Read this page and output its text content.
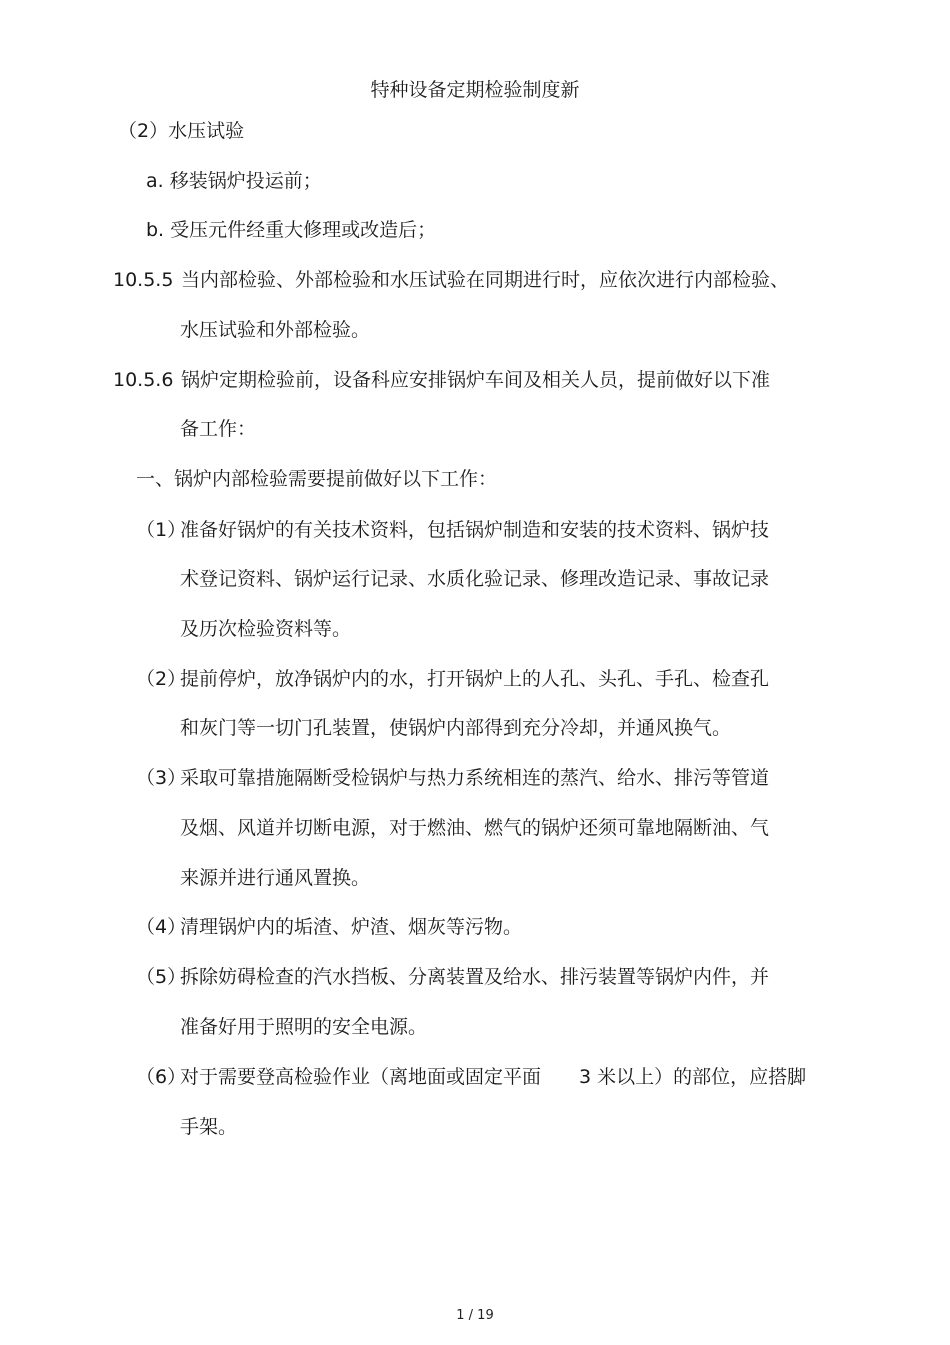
特种设备定期检验制度新
（2）水压试验
a. 移装锅炉投运前；
b. 受压元件经重大修理或改造后；
10.5.5 当内部检验、外部检验和水压试验在同期进行时，应依次进行内部检验、
水压试验和外部检验。
10.5.6 锅炉定期检验前，设备科应安排锅炉车间及相关人员，提前做好以下准
备工作：
一、锅炉内部检验需要提前做好以下工作：
（1）准备好锅炉的有关技术资料，包括锅炉制造和安装的技术资料、锅炉技
术登记资料、锅炉运行记录、水质化验记录、修理改造记录、事故记录
及历次检验资料等。
（2）提前停炉，放净锅炉内的水，打开锅炉上的人孔、头孔、手孔、检查孔
和灰门等一切门孔装置，使锅炉内部得到充分冷却，并通风换气。
（3）采取可靠措施隔断受检锅炉与热力系统相连的蒸汽、给水、排污等管道
及烟、风道并切断电源，对于燃油、燃气的锅炉还须可靠地隔断油、气
来源并进行通风置换。
（4）清理锅炉内的垢渣、炉渣、烟灰等污物。
（5）拆除妨碍检查的汽水挡板、分离装置及给水、排污装置等锅炉内件，并
准备好用于照明的安全电源。
（6）对于需要登高检验作业（离地面或固定平面 3 米以上）的部位，应搭脚
手架。
1 / 19
